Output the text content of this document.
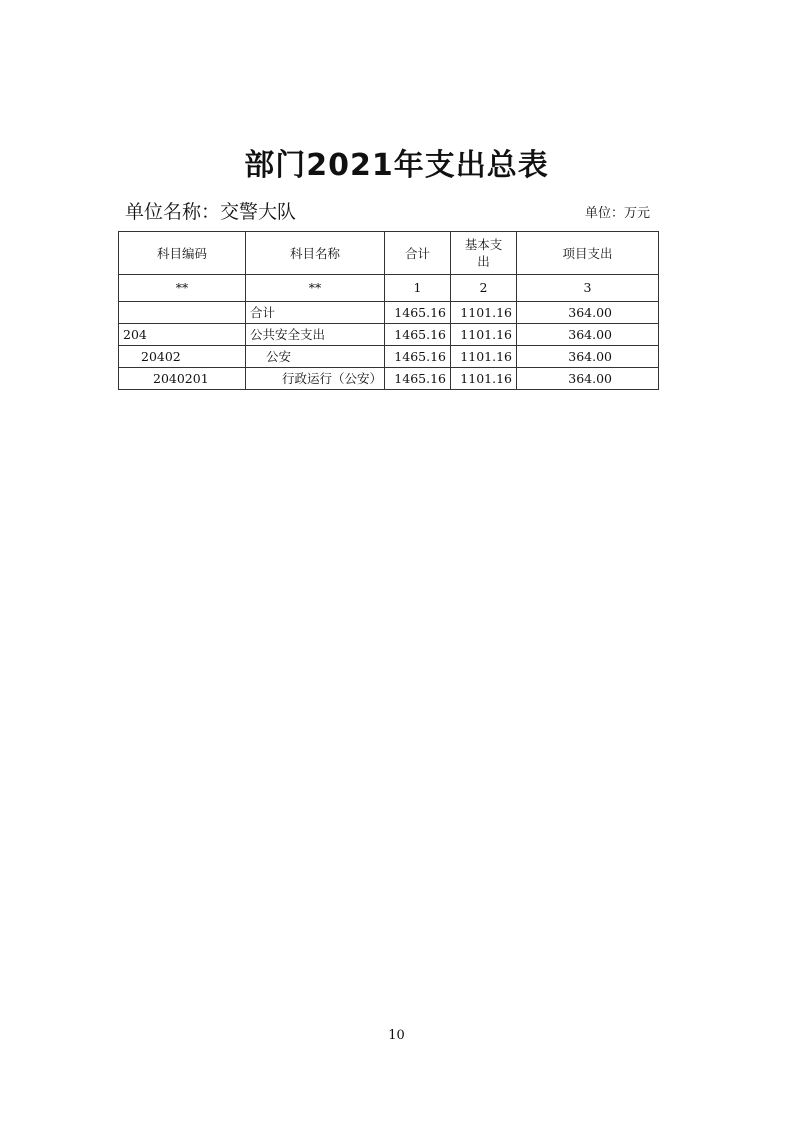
部门2021年支出总表
单位名称：交警大队	单位：万元
科目编码	科目名称	合计	基本支出	项目支出
**	**	1	2	3
	合计	1465.16	1101.16	364.00
204	公共安全支出	1465.16	1101.16	364.00
20402	公安	1465.16	1101.16	364.00
2040201	行政运行（公安）	1465.16	1101.16	364.00
10
